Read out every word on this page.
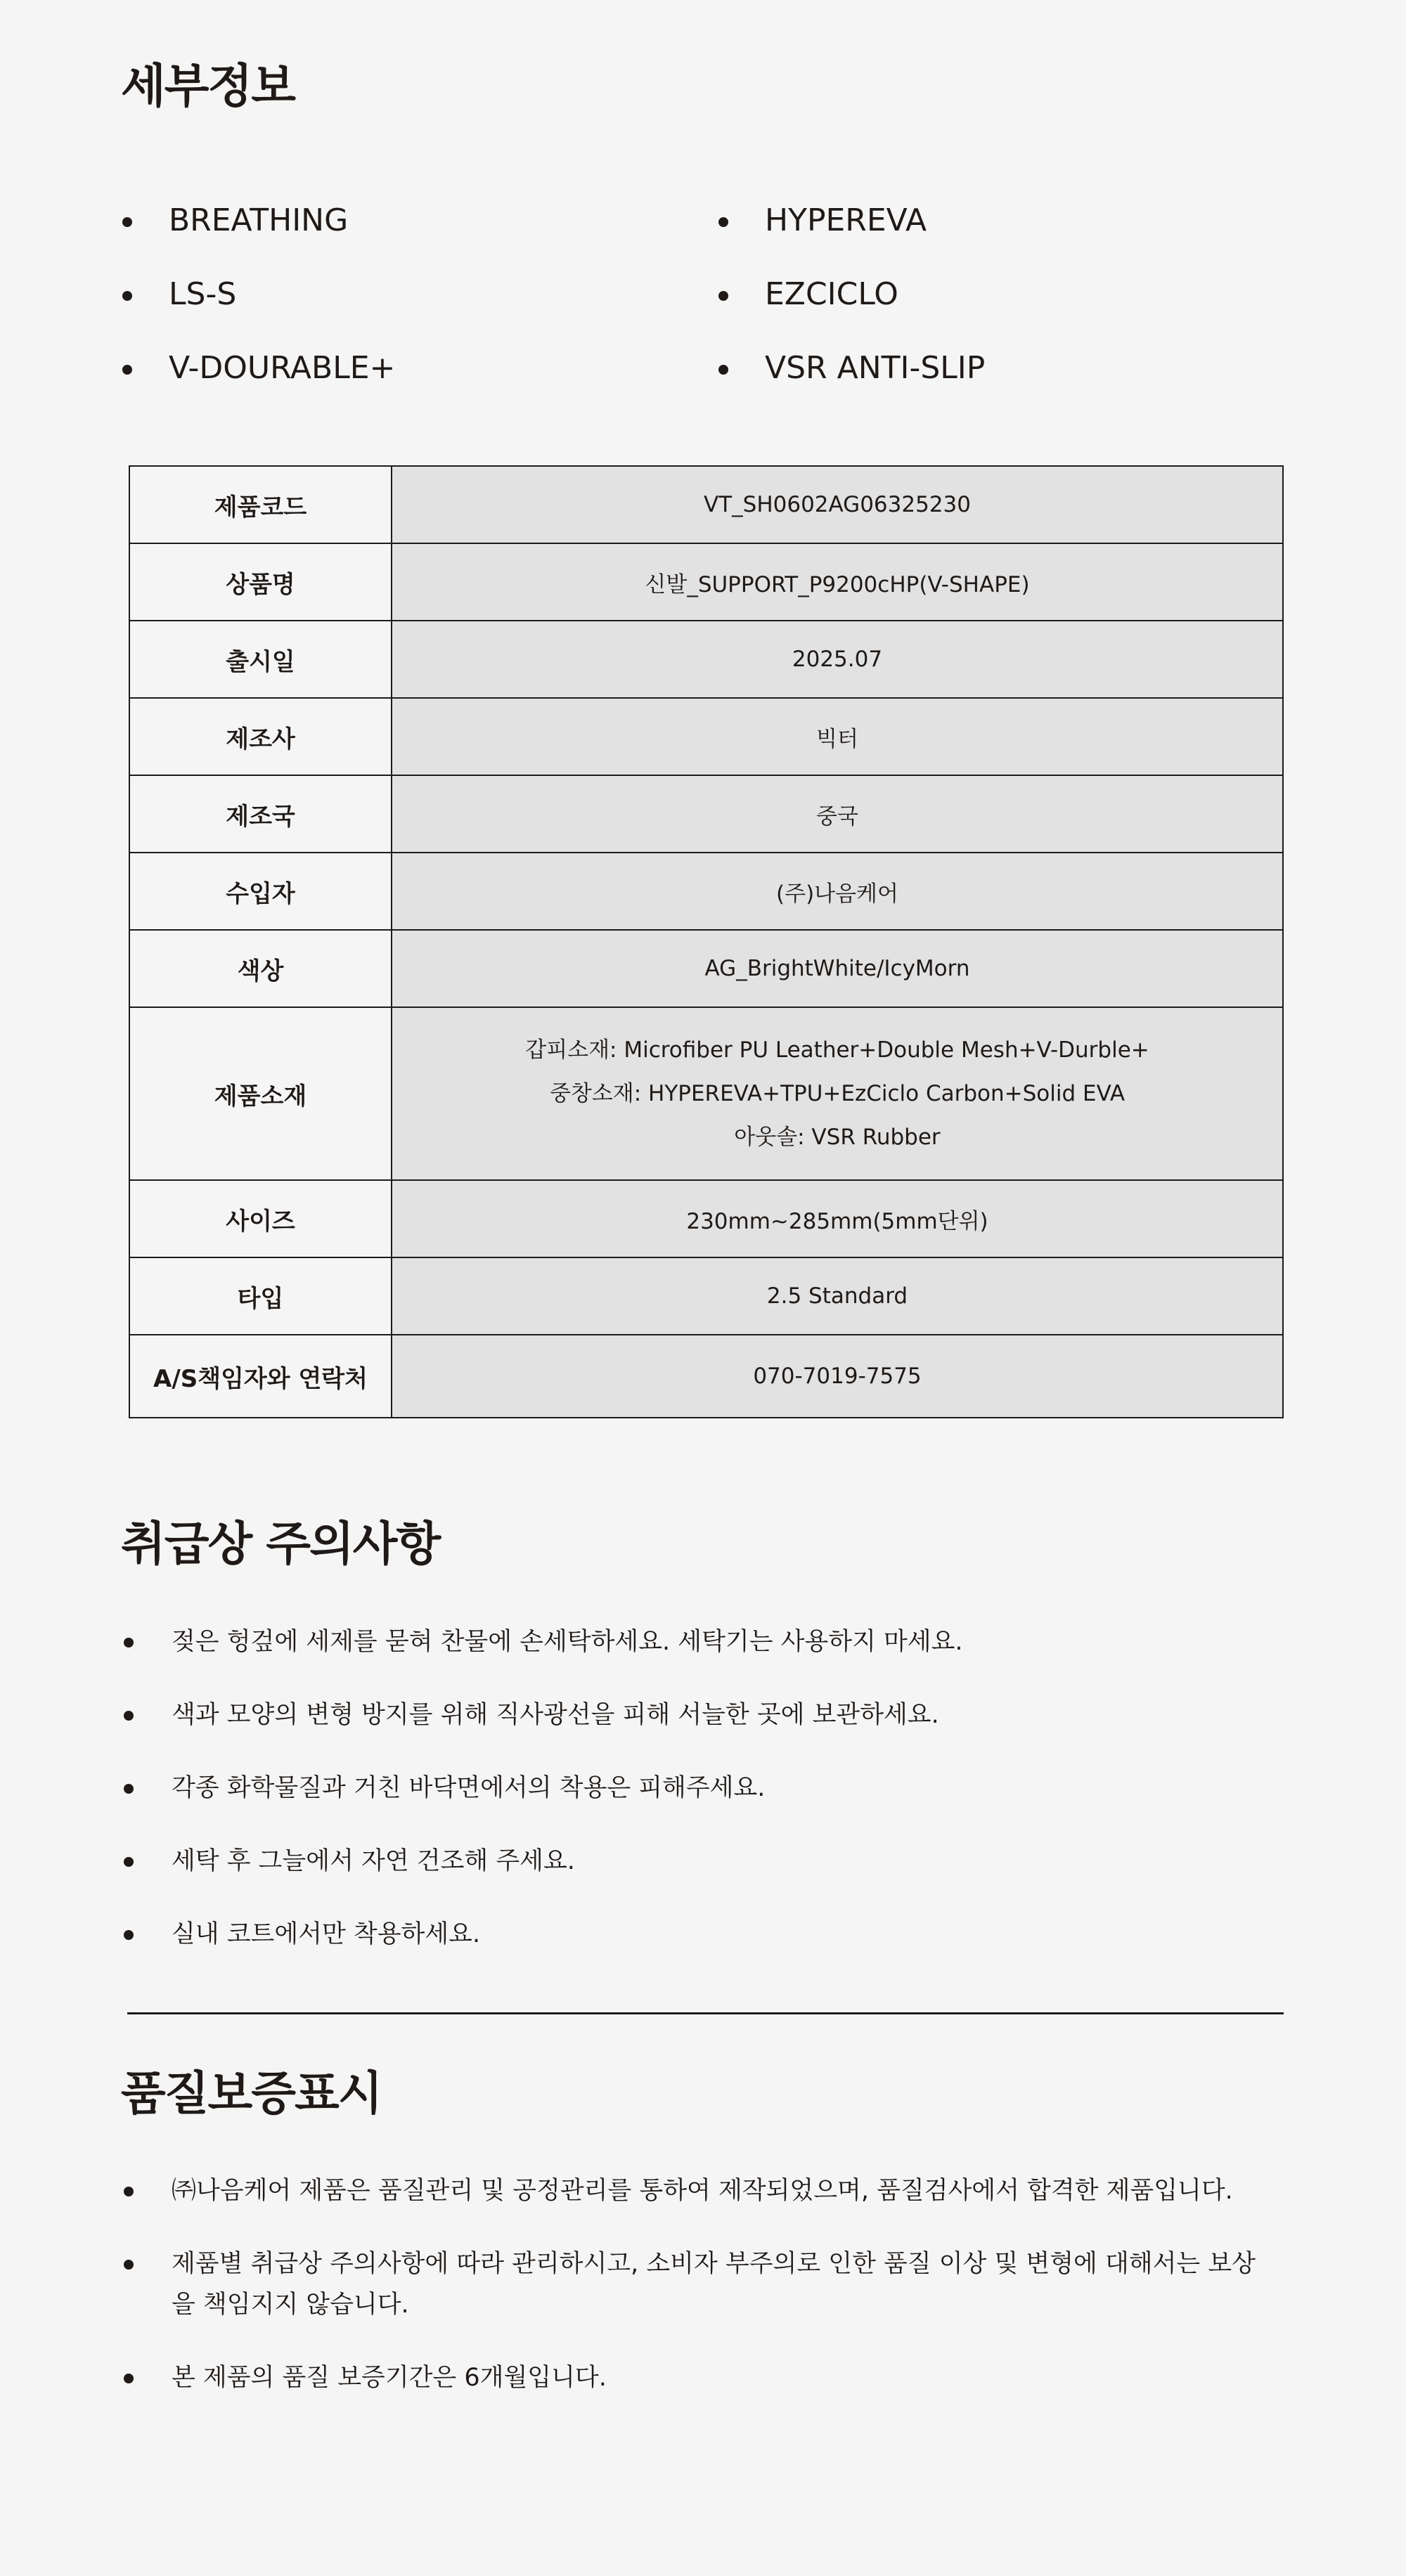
세부정보
BREATHING
LS-S
V-DOURABLE+
HYPEREVA
EZCICLO
VSR ANTI-SLIP
제품코드	VT_SH0602AG06325230
상품명	신발_SUPPORT_P9200cHP(V-SHAPE)
출시일	2025.07
제조사	빅터
제조국	중국
수입자	(주)나음케어
색상	AG_BrightWhite/IcyMorn
제품소재	갑피소재: Microfiber PU Leather+Double Mesh+V-Durble+
중창소재: HYPEREVA+TPU+EzCiclo Carbon+Solid EVA
아웃솔: VSR Rubber

사이즈	230mm~285mm(5mm단위)
타입	2.5 Standard
A/S책임자와 연락처	070-7019-7575
취급상 주의사항
젖은 헝겊에 세제를 묻혀 찬물에 손세탁하세요. 세탁기는 사용하지 마세요.
색과 모양의 변형 방지를 위해 직사광선을 피해 서늘한 곳에 보관하세요.
각종 화학물질과 거친 바닥면에서의 착용은 피해주세요.
세탁 후 그늘에서 자연 건조해 주세요.
실내 코트에서만 착용하세요.
품질보증표시
㈜나음케어 제품은 품질관리 및 공정관리를 통하여 제작되었으며, 품질검사에서 합격한 제품입니다.
제품별 취급상 주의사항에 따라 관리하시고, 소비자 부주의로 인한 품질 이상 및 변형에 대해서는 보상을 책임지지 않습니다.
본 제품의 품질 보증기간은 6개월입니다.
